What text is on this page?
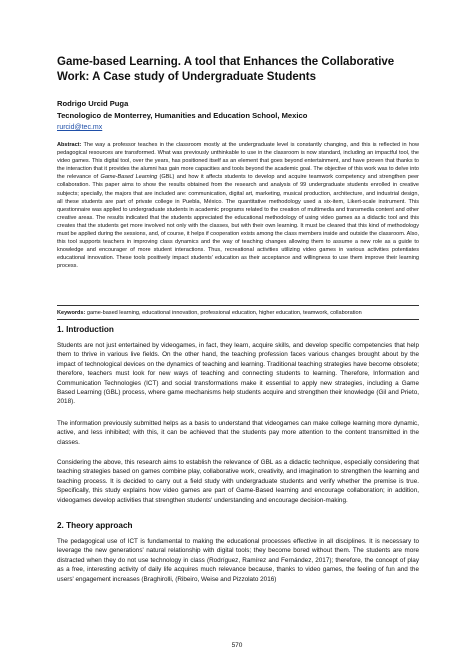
Game-based Learning. A tool that Enhances the Collaborative Work: A Case study of Undergraduate Students
Rodrigo Urcid Puga
Tecnologico de Monterrey, Humanities and Education School, Mexico
rurcid@tec.mx

Abstract: The way a professor teaches in the classroom mostly at the undergraduate level is constantly changing, and this is reflected in how pedagogical resources are transformed. What was previously unthinkable to use in the classroom is now standard, including an impactful tool, the video games. This digital tool, over the years, has positioned itself as an element that goes beyond entertainment, and have proven that thanks to the interaction that it provides the alumni has gain more capacities and tools beyond the academic goal. The objective of this work was to delve into the relevance of Game-Based Learning (GBL) and how it affects students to develop and acquire teamwork competency and strengthen peer collaboration. This paper aims to show the results obtained from the research and analysis of 99 undergraduate students enrolled in creative subjects; specially, the majors that are included are: communication, digital art, marketing, musical production, architecture, and industrial design, all these students are part of private college in Puebla, México. The quantitative methodology used a six-item, Likert-scale instrument. This questionnaire was applied to undergraduate students in academic programs related to the creation of multimedia and transmedia content and other creative areas. The results indicated that the students appreciated the educational methodology of using video games as a didactic tool and this creates that the students get more involved not only with the classes, but with their own learning. It must be cleared that this kind of methodology must be applied during the sessions, and, of course, it helps if cooperation exists among the class members inside and outside the classroom. Also, this tool supports teachers in improving class dynamics and the way of teaching changes allowing them to assume a new role as a guide to knowledge and encourager of more student interactions. Thus, recreational activities utilizing video games in various activities potentiates educational innovation. These tools positively impact students' education as their acceptance and willingness to use them improve their learning process.

Keywords: game-based learning, educational innovation, professional education, higher education, teamwork, collaboration

1. Introduction

Students are not just entertained by videogames, in fact, they learn, acquire skills, and develop specific competencies that help them to thrive in various live fields. On the other hand, the teaching profession faces various changes brought about by the impact of technological devices on the dynamics of teaching and learning. Traditional teaching strategies have become obsolete; therefore, teachers must look for new ways of teaching and connecting students to learning. Therefore, Information and Communication Technologies (ICT) and social transformations make it essential to apply new strategies, including a Game Based Learning (GBL) process, where game mechanisms help students acquire and strengthen their knowledge (Gil and Prieto, 2018).

The information previously submitted helps as a basis to understand that videogames can make college learning more dynamic, active, and less inhibited; with this, it can be achieved that the students pay more attention to the content transmitted in the classes.

Considering the above, this research aims to establish the relevance of GBL as a didactic technique, especially considering that teaching strategies based on games combine play, collaborative work, creativity, and imagination to strengthen the learning and teaching process. It is decided to carry out a field study with undergraduate students and verify whether the premise is true. Specifically, this study explains how video games are part of Game-Based learning and encourage collaboration; in addition, videogames develop activities that strengthen students' understanding and encourage decision-making.

2. Theory approach

The pedagogical use of ICT is fundamental to making the educational processes effective in all disciplines. It is necessary to leverage the new generations' natural relationship with digital tools; they become bored without them. The students are more distracted when they do not use technology in class (Rodríguez, Ramírez and Fernández, 2017); therefore, the concept of play as a free, interesting activity of daily life acquires much relevance because, thanks to video games, the feeling of fun and the users' engagement increases (Braghirolli, (Ribeiro, Weise and Pizzolato 2016)

570
